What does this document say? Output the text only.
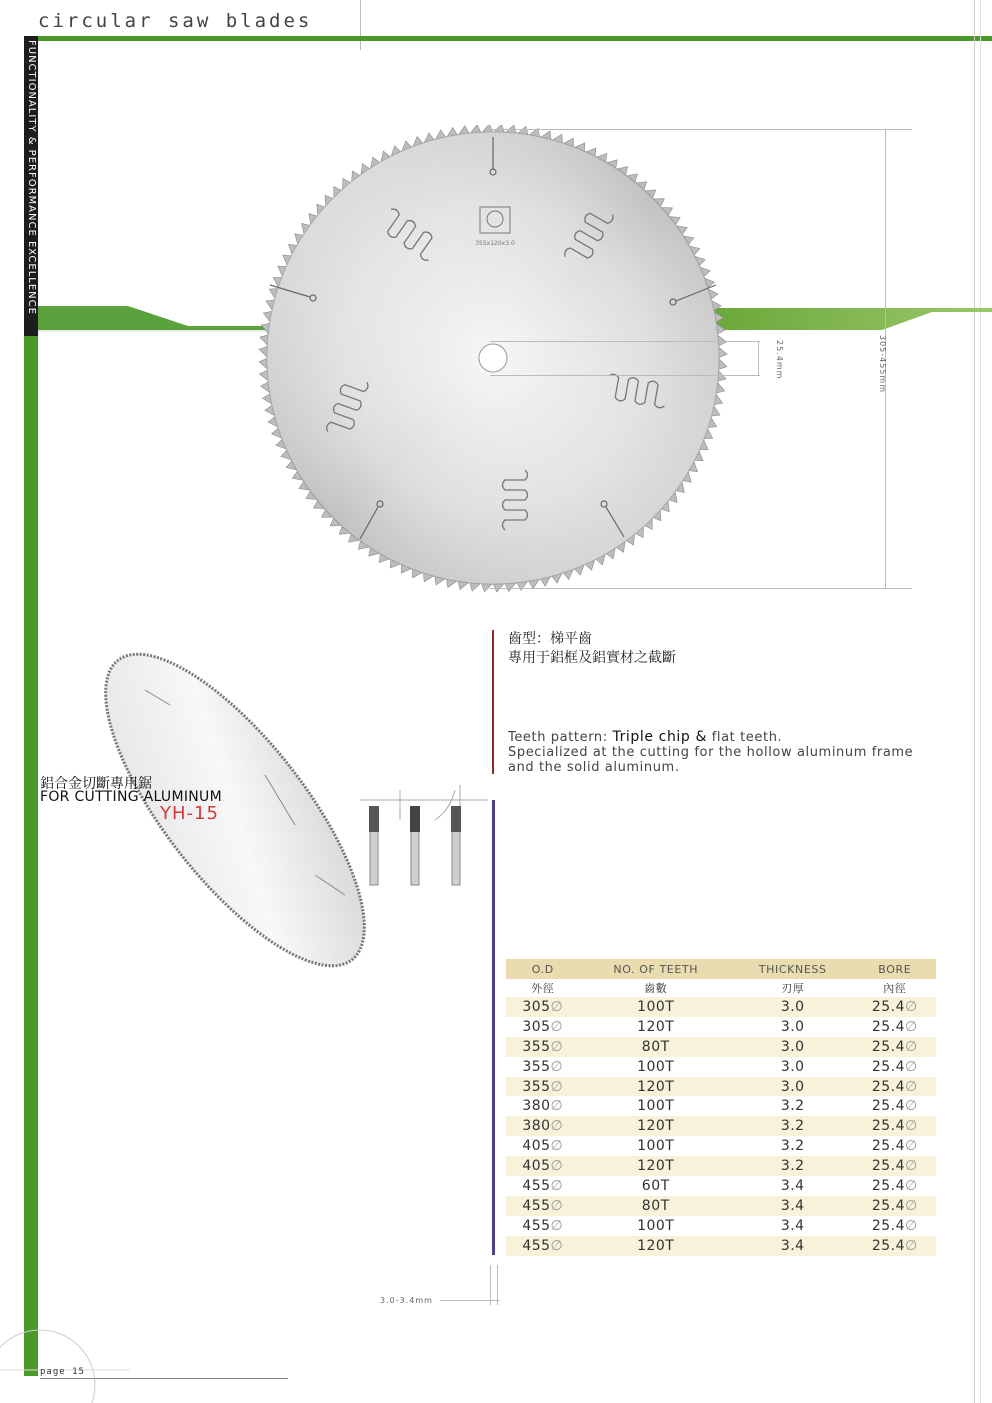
circular saw blades
FUNCTIONALITY & PERFORMANCE EXCELLENCE	355x120x3.0
25.4mm	305-455mm
齒型：梯平齒
專用于鋁框及鋁實材之截斷
Teeth pattern: Triple chip & flat teeth.
Specialized at the cutting for the hollow aluminum frame and the solid aluminum.
鋁合金切斷專用鋸
FOR CUTTING ALUMINUM
YH-15
3.0-3.4mm
O.D	NO. OF TEETH	THICKNESS	BORE
外徑	齒數	刃厚	內徑
305∅	100T	3.0	25.4∅
305∅	120T	3.0	25.4∅
355∅	80T	3.0	25.4∅
355∅	100T	3.0	25.4∅
355∅	120T	3.0	25.4∅
380∅	100T	3.2	25.4∅
380∅	120T	3.2	25.4∅
405∅	100T	3.2	25.4∅
405∅	120T	3.2	25.4∅
455∅	60T	3.4	25.4∅
455∅	80T	3.4	25.4∅
455∅	100T	3.4	25.4∅
455∅	120T	3.4	25.4∅
page 15
